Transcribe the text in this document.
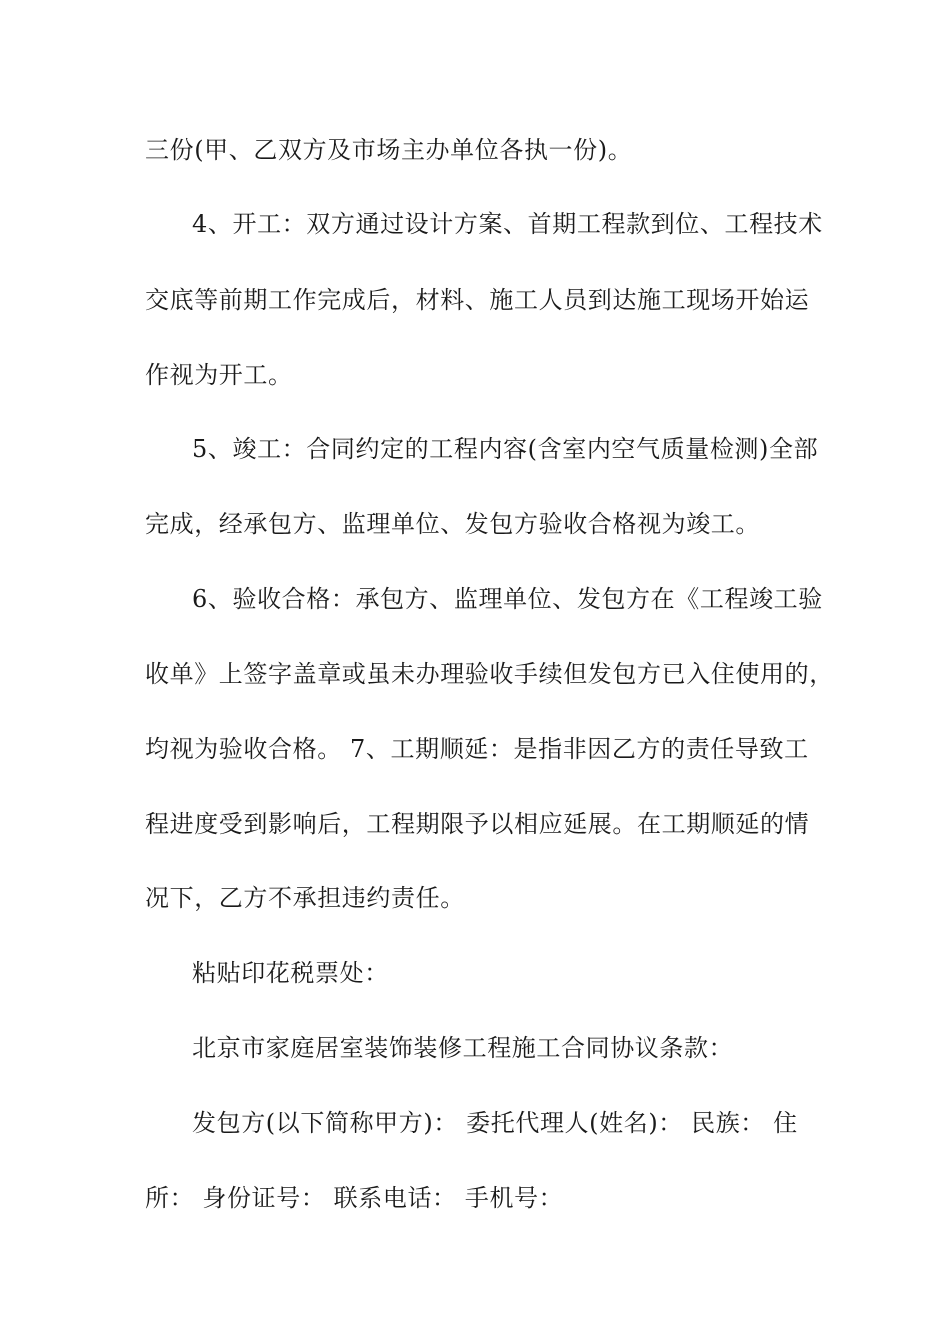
三份(甲、乙双方及市场主办单位各执一份)。
4、开工：双方通过设计方案、首期工程款到位、工程技术
交底等前期工作完成后，材料、施工人员到达施工现场开始运
作视为开工。
5、竣工：合同约定的工程内容(含室内空气质量检测)全部
完成，经承包方、监理单位、发包方验收合格视为竣工。
6、验收合格：承包方、监理单位、发包方在《工程竣工验
收单》上签字盖章或虽未办理验收手续但发包方已入住使用的，
均视为验收合格。 7、工期顺延：是指非因乙方的责任导致工
程进度受到影响后，工程期限予以相应延展。在工期顺延的情
况下，乙方不承担违约责任。
粘贴印花税票处：
北京市家庭居室装饰装修工程施工合同协议条款：
发包方(以下简称甲方)： 委托代理人(姓名)： 民族： 住
所： 身份证号： 联系电话： 手机号：
